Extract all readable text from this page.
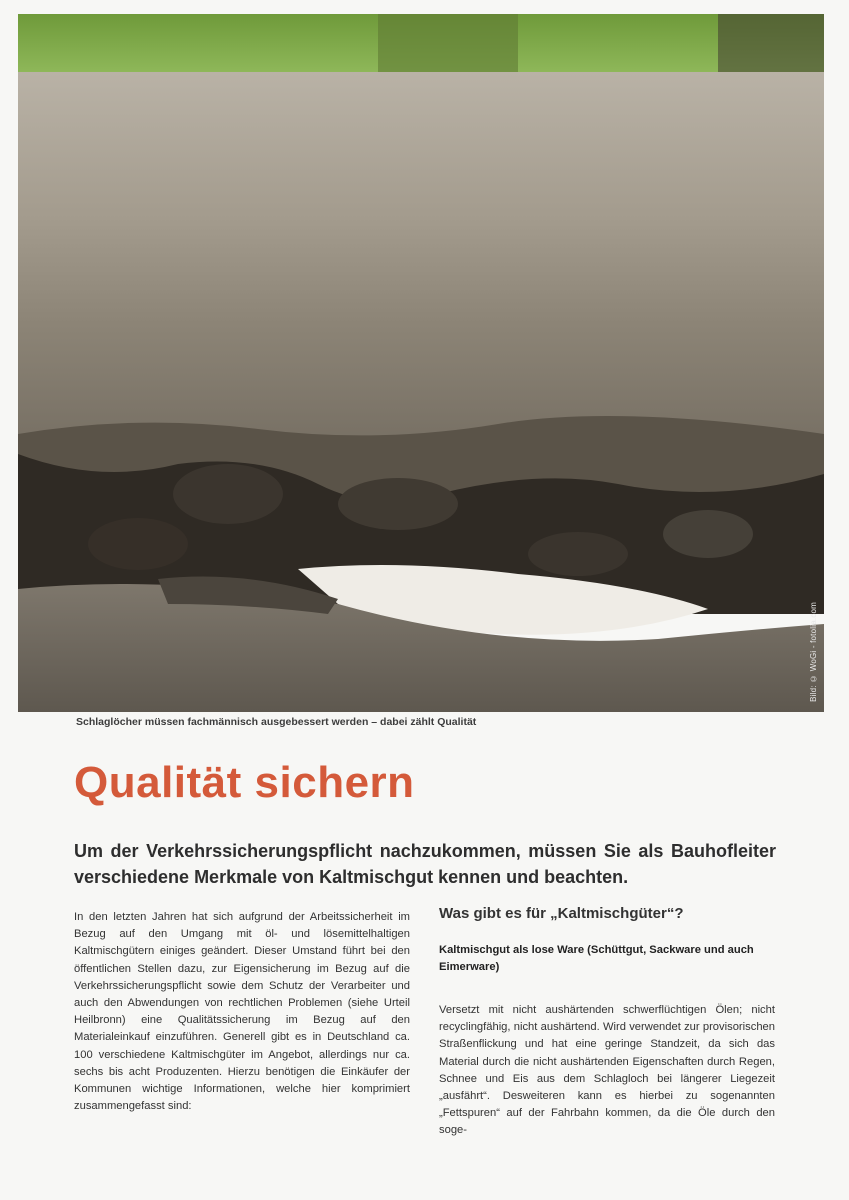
Bild: © WoGi - fotolia.com
Schlaglöcher müssen fachmännisch ausgebessert werden – dabei zählt Qualität
Qualität sichern

Um der Verkehrssicherungspflicht nachzukommen, müssen Sie als Bauhofleiter verschiedene Merkmale von Kaltmischgut kennen und beachten.

In den letzten Jahren hat sich aufgrund der Arbeitssicherheit im Bezug auf den Umgang mit öl- und lösemittelhaltigen Kaltmischgütern einiges geändert. Dieser Umstand führt bei den öffentlichen Stellen dazu, zur Eigensicherung im Bezug auf die Verkehrssicherungspflicht sowie dem Schutz der Verarbeiter und auch den Abwendungen von rechtlichen Problemen (siehe Urteil Heilbronn) eine Qualitätssicherung im Bezug auf den Materialeinkauf einzuführen. Generell gibt es in Deutschland ca. 100 verschiedene Kaltmischgüter im Angebot, allerdings nur ca. sechs bis acht Produzenten. Hierzu benötigen die Einkäufer der Kommunen wichtige Informationen, welche hier komprimiert zusammengefasst sind:

Was gibt es für „Kaltmischgüter“?
Kaltmischgut als lose Ware (Schüttgut, Sackware und auch Eimerware)

Versetzt mit nicht aushärtenden schwerflüchtigen Ölen; nicht recyclingfähig, nicht aushärtend. Wird verwendet zur provisorischen Straßenflickung und hat eine geringe Standzeit, da sich das Material durch die nicht aushärtenden Eigenschaften durch Regen, Schnee und Eis aus dem Schlagloch bei längerer Liegezeit „ausfährt“. Desweiteren kann es hierbei zu sogenannten „Fettspuren“ auf der Fahrbahn kommen, da die Öle durch den soge-
